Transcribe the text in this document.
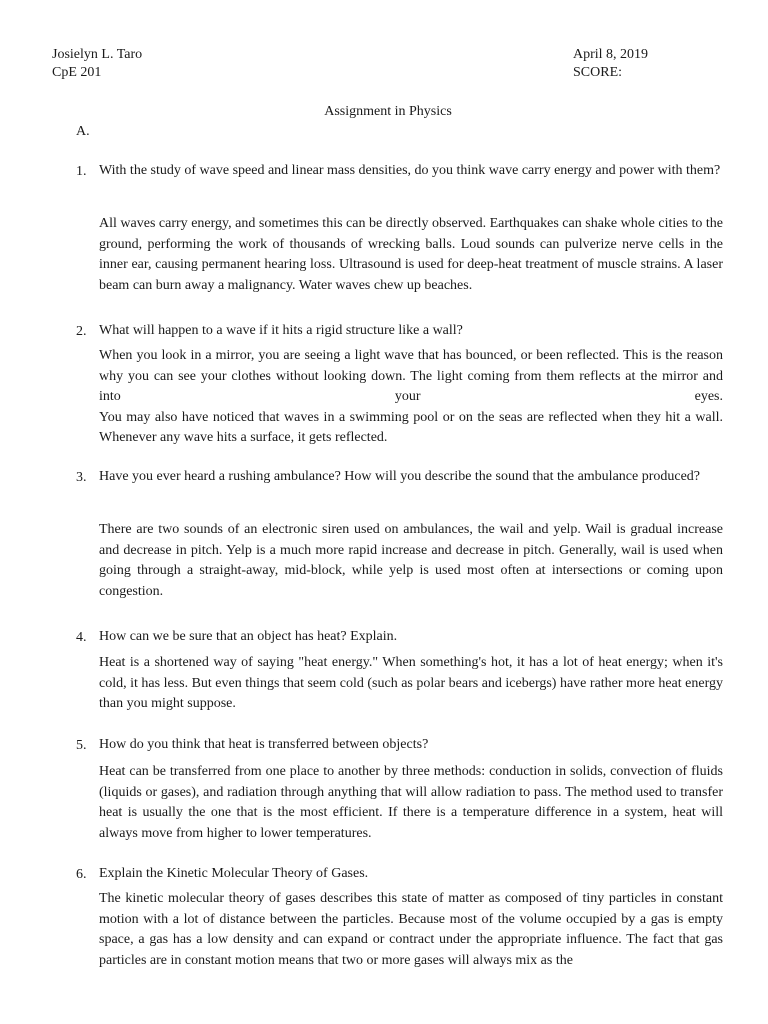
Josielyn L. Taro
CpE 201
April 8, 2019
SCORE:
Assignment in Physics
A.
1. With the study of wave speed and linear mass densities, do you think wave carry energy and power with them?
All waves carry energy, and sometimes this can be directly observed. Earthquakes can shake whole cities to the ground, performing the work of thousands of wrecking balls. Loud sounds can pulverize nerve cells in the inner ear, causing permanent hearing loss. Ultrasound is used for deep-heat treatment of muscle strains. A laser beam can burn away a malignancy. Water waves chew up beaches.
2. What will happen to a wave if it hits a rigid structure like a wall?
When you look in a mirror, you are seeing a light wave that has bounced, or been reflected. This is the reason why you can see your clothes without looking down. The light coming from them reflects at the mirror and into your eyes.
You may also have noticed that waves in a swimming pool or on the seas are reflected when they hit a wall. Whenever any wave hits a surface, it gets reflected.
3. Have you ever heard a rushing ambulance? How will you describe the sound that the ambulance produced?
There are two sounds of an electronic siren used on ambulances, the wail and yelp. Wail is gradual increase and decrease in pitch. Yelp is a much more rapid increase and decrease in pitch. Generally, wail is used when going through a straight-away, mid-block, while yelp is used most often at intersections or coming upon congestion.
4. How can we be sure that an object has heat? Explain.
Heat is a shortened way of saying "heat energy." When something's hot, it has a lot of heat energy; when it's cold, it has less. But even things that seem cold (such as polar bears and icebergs) have rather more heat energy than you might suppose.
5. How do you think that heat is transferred between objects?
Heat can be transferred from one place to another by three methods: conduction in solids, convection of fluids (liquids or gases), and radiation through anything that will allow radiation to pass. The method used to transfer heat is usually the one that is the most efficient. If there is a temperature difference in a system, heat will always move from higher to lower temperatures.
6. Explain the Kinetic Molecular Theory of Gases.
The kinetic molecular theory of gases describes this state of matter as composed of tiny particles in constant motion with a lot of distance between the particles. Because most of the volume occupied by a gas is empty space, a gas has a low density and can expand or contract under the appropriate influence. The fact that gas particles are in constant motion means that two or more gases will always mix as the
